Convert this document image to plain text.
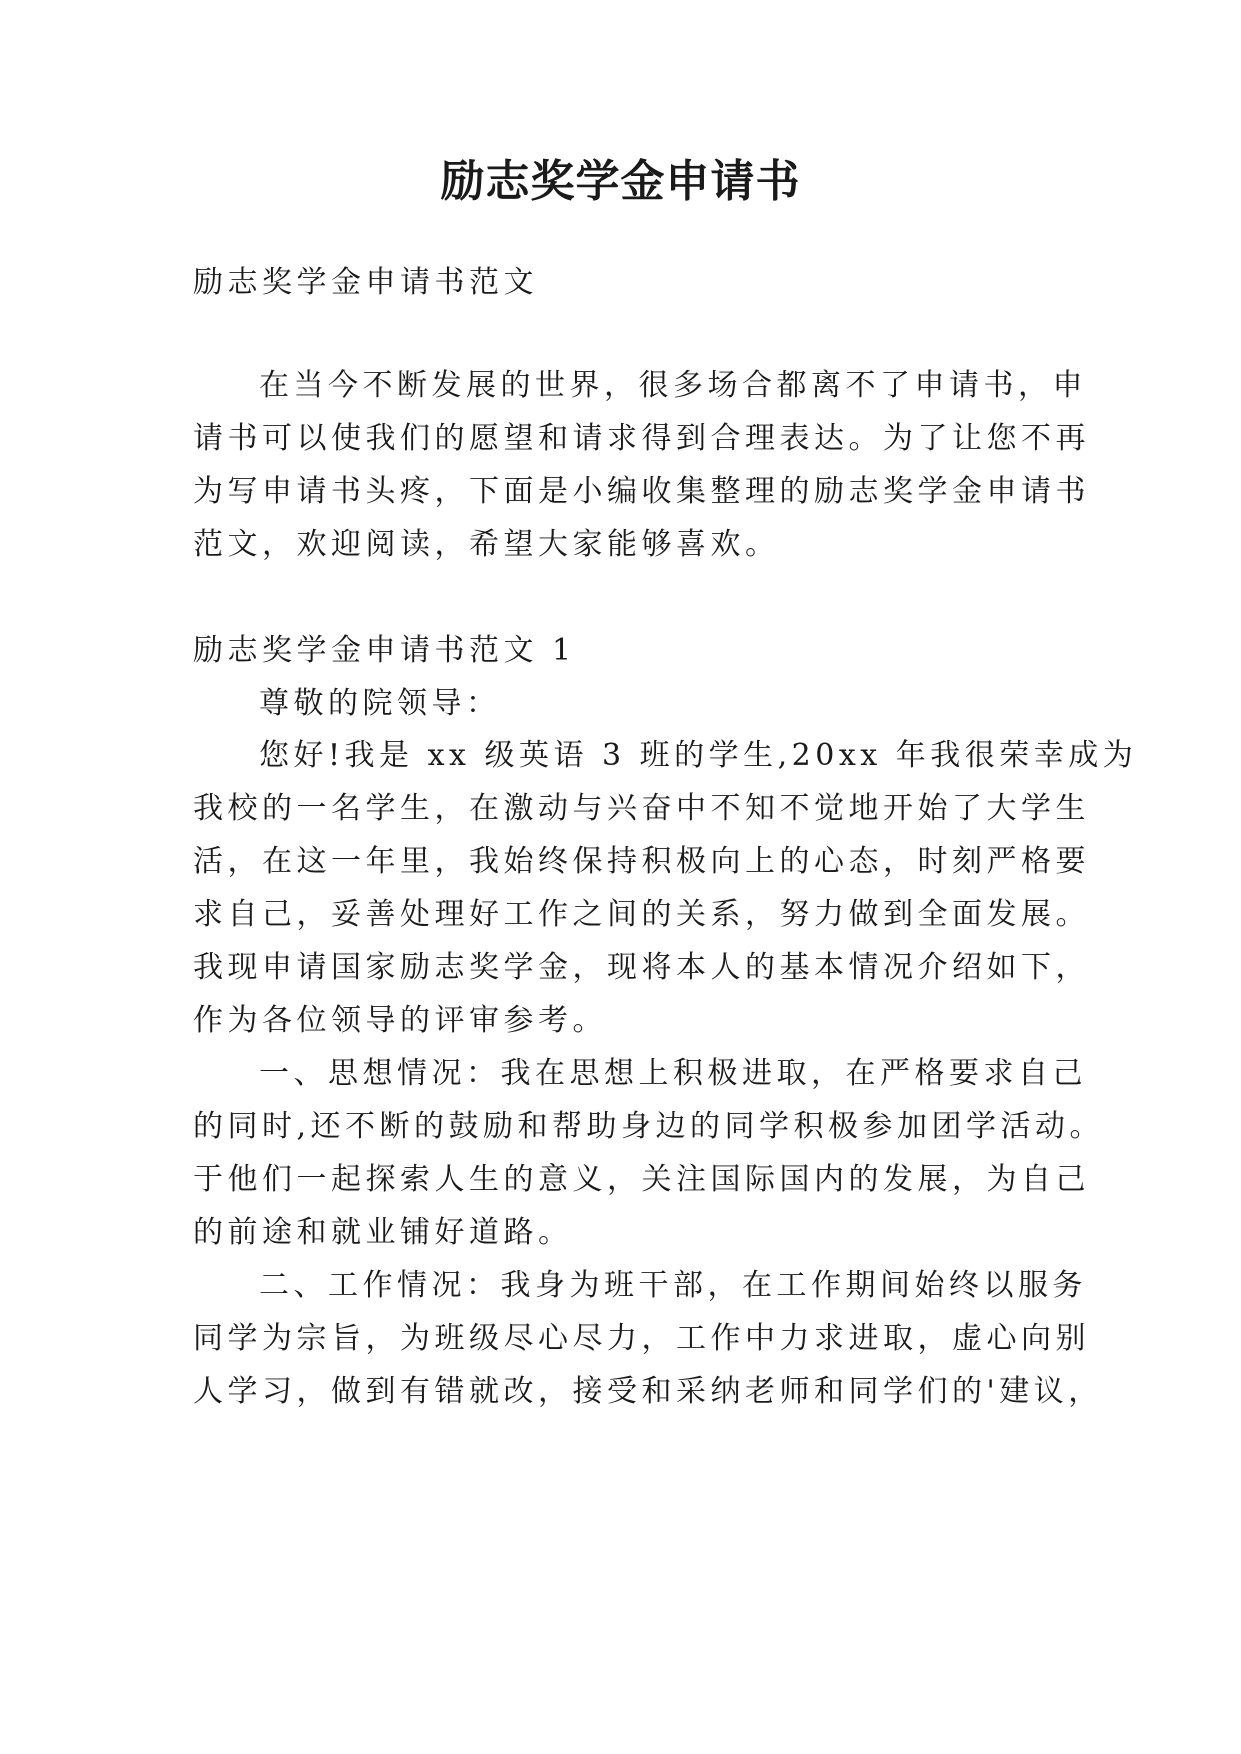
励志奖学金申请书

励志奖学金申请书范文

在当今不断发展的世界，很多场合都离不了申请书，申

请书可以使我们的愿望和请求得到合理表达。为了让您不再

为写申请书头疼，下面是小编收集整理的励志奖学金申请书

范文，欢迎阅读，希望大家能够喜欢。

励志奖学金申请书范文 1

尊敬的院领导：

您好!我是 xx 级英语 3 班的学生,20xx 年我很荣幸成为

我校的一名学生，在激动与兴奋中不知不觉地开始了大学生

活，在这一年里，我始终保持积极向上的心态，时刻严格要

求自己，妥善处理好工作之间的关系，努力做到全面发展。

我现申请国家励志奖学金，现将本人的基本情况介绍如下，

作为各位领导的评审参考。

一、思想情况：我在思想上积极进取，在严格要求自己

的同时,还不断的鼓励和帮助身边的同学积极参加团学活动。

于他们一起探索人生的意义，关注国际国内的发展，为自己

的前途和就业铺好道路。

二、工作情况：我身为班干部，在工作期间始终以服务

同学为宗旨，为班级尽心尽力，工作中力求进取，虚心向别

人学习，做到有错就改，接受和采纳老师和同学们的'建议，
